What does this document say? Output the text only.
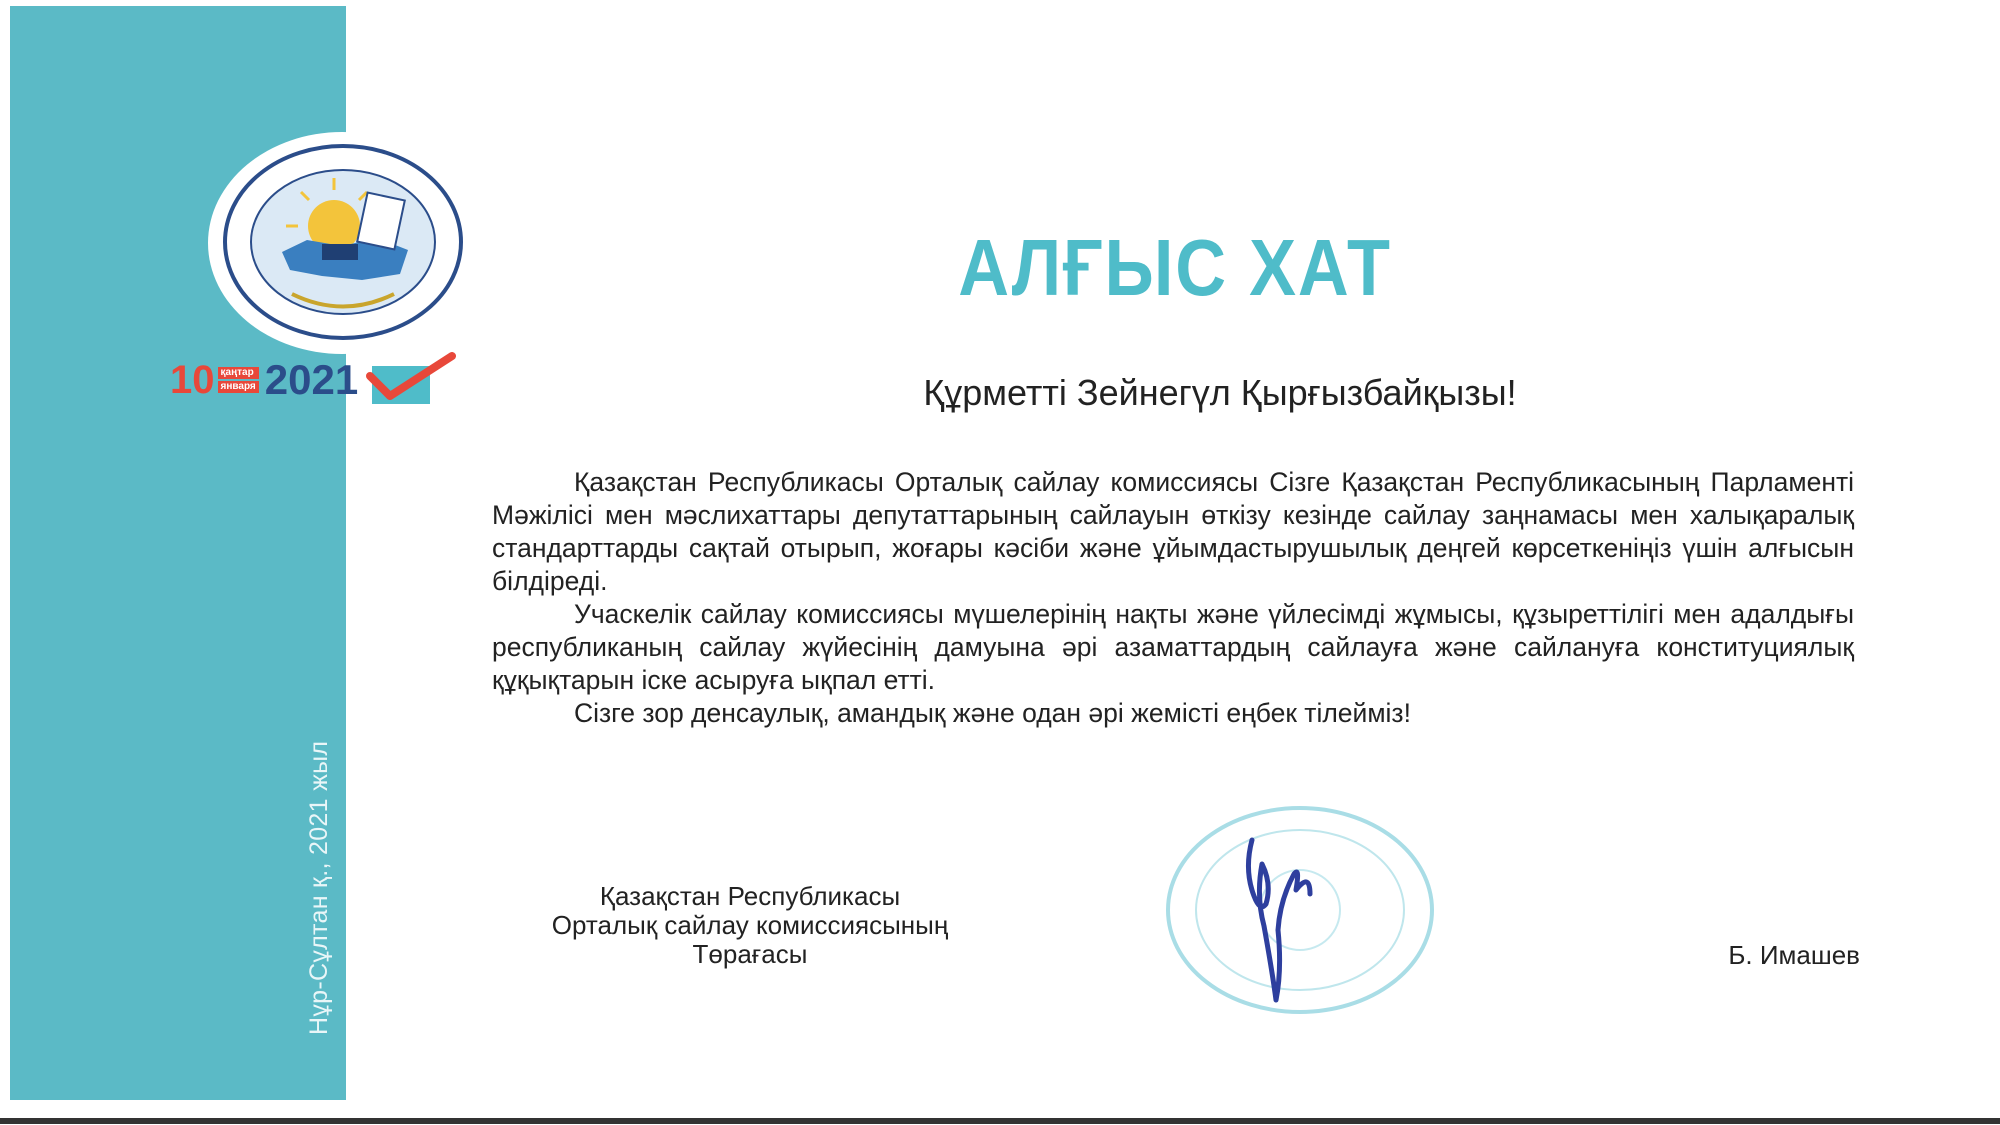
Нұр-Сұлтан қ., 2021 жыл
10 қаңтар
января 2021
АЛҒЫС ХАТ
Құрметті Зейнегүл Қырғызбайқызы!

Қазақстан Республикасы Орталық сайлау комиссиясы Сізге Қазақстан Республикасының Парламенті Мәжілісі мен мәслихаттары депутаттарының сайлауын өткізу кезінде сайлау заңнамасы мен халықаралық стандарттарды сақтай отырып, жоғары кәсіби және ұйымдастырушылық деңгей көрсеткеніңіз үшін алғысын білдіреді.

Учаскелік сайлау комиссиясы мүшелерінің нақты және үйлесімді жұмысы, құзыреттілігі мен адалдығы республиканың сайлау жүйесінің дамуына әрі азаматтардың сайлауға және сайлануға конституциялық құқықтарын іске асыруға ықпал етті.

Сізге зор денсаулық, амандық және одан әрі жемісті еңбек тілейміз!

Қазақстан Республикасы
Орталық сайлау комиссиясының
Төрағасы	Б. Имашев
